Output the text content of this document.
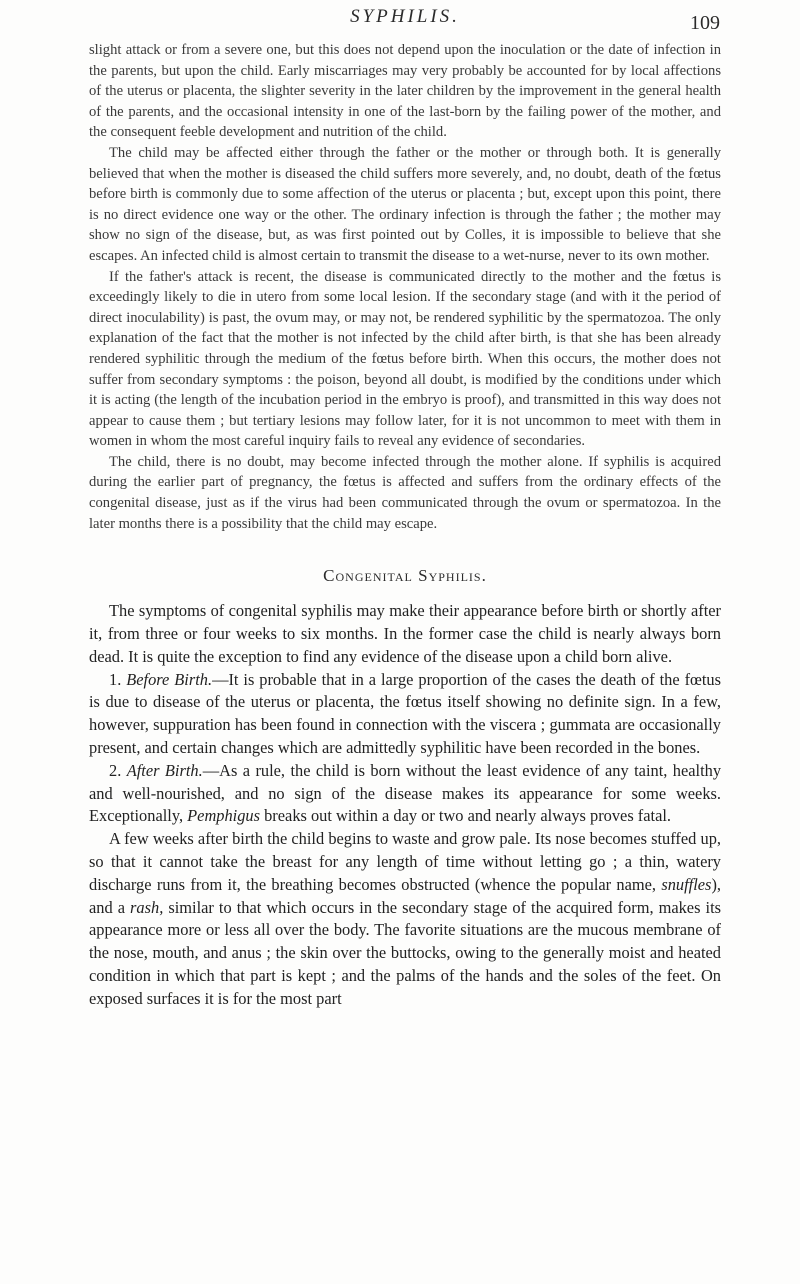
SYPHILIS.	109

slight attack or from a severe one, but this does not depend upon the inoculation or the date of infection in the parents, but upon the child. Early miscarriages may very probably be accounted for by local affections of the uterus or placenta, the slighter severity in the later children by the improvement in the general health of the parents, and the occasional intensity in one of the last-born by the failing power of the mother, and the consequent feeble development and nutrition of the child.

The child may be affected either through the father or the mother or through both. It is generally believed that when the mother is diseased the child suffers more severely, and, no doubt, death of the fœtus before birth is commonly due to some affection of the uterus or placenta ; but, except upon this point, there is no direct evidence one way or the other. The ordinary infection is through the father ; the mother may show no sign of the disease, but, as was first pointed out by Colles, it is impossible to believe that she escapes. An infected child is almost certain to transmit the disease to a wet-nurse, never to its own mother.

If the father's attack is recent, the disease is communicated directly to the mother and the fœtus is exceedingly likely to die in utero from some local lesion. If the secondary stage (and with it the period of direct inoculability) is past, the ovum may, or may not, be rendered syphilitic by the spermatozoa. The only explanation of the fact that the mother is not infected by the child after birth, is that she has been already rendered syphilitic through the medium of the fœtus before birth. When this occurs, the mother does not suffer from secondary symptoms : the poison, beyond all doubt, is modified by the conditions under which it is acting (the length of the incubation period in the embryo is proof), and transmitted in this way does not appear to cause them ; but tertiary lesions may follow later, for it is not uncommon to meet with them in women in whom the most careful inquiry fails to reveal any evidence of secondaries.

The child, there is no doubt, may become infected through the mother alone. If syphilis is acquired during the earlier part of pregnancy, the fœtus is affected and suffers from the ordinary effects of the congenital disease, just as if the virus had been communicated through the ovum or spermatozoa. In the later months there is a possibility that the child may escape.

Congenital Syphilis.

The symptoms of congenital syphilis may make their appearance before birth or shortly after it, from three or four weeks to six months. In the former case the child is nearly always born dead. It is quite the exception to find any evidence of the disease upon a child born alive.

1. Before Birth.—It is probable that in a large proportion of the cases the death of the fœtus is due to disease of the uterus or placenta, the fœtus itself showing no definite sign. In a few, however, suppuration has been found in connection with the viscera ; gummata are occasionally present, and certain changes which are admittedly syphilitic have been recorded in the bones.

2. After Birth.—As a rule, the child is born without the least evidence of any taint, healthy and well-nourished, and no sign of the disease makes its appearance for some weeks. Exceptionally, Pemphigus breaks out within a day or two and nearly always proves fatal.

A few weeks after birth the child begins to waste and grow pale. Its nose becomes stuffed up, so that it cannot take the breast for any length of time without letting go ; a thin, watery discharge runs from it, the breathing becomes obstructed (whence the popular name, snuffles), and a rash, similar to that which occurs in the secondary stage of the acquired form, makes its appearance more or less all over the body. The favorite situations are the mucous membrane of the nose, mouth, and anus ; the skin over the buttocks, owing to the generally moist and heated condition in which that part is kept ; and the palms of the hands and the soles of the feet. On exposed surfaces it is for the most part
